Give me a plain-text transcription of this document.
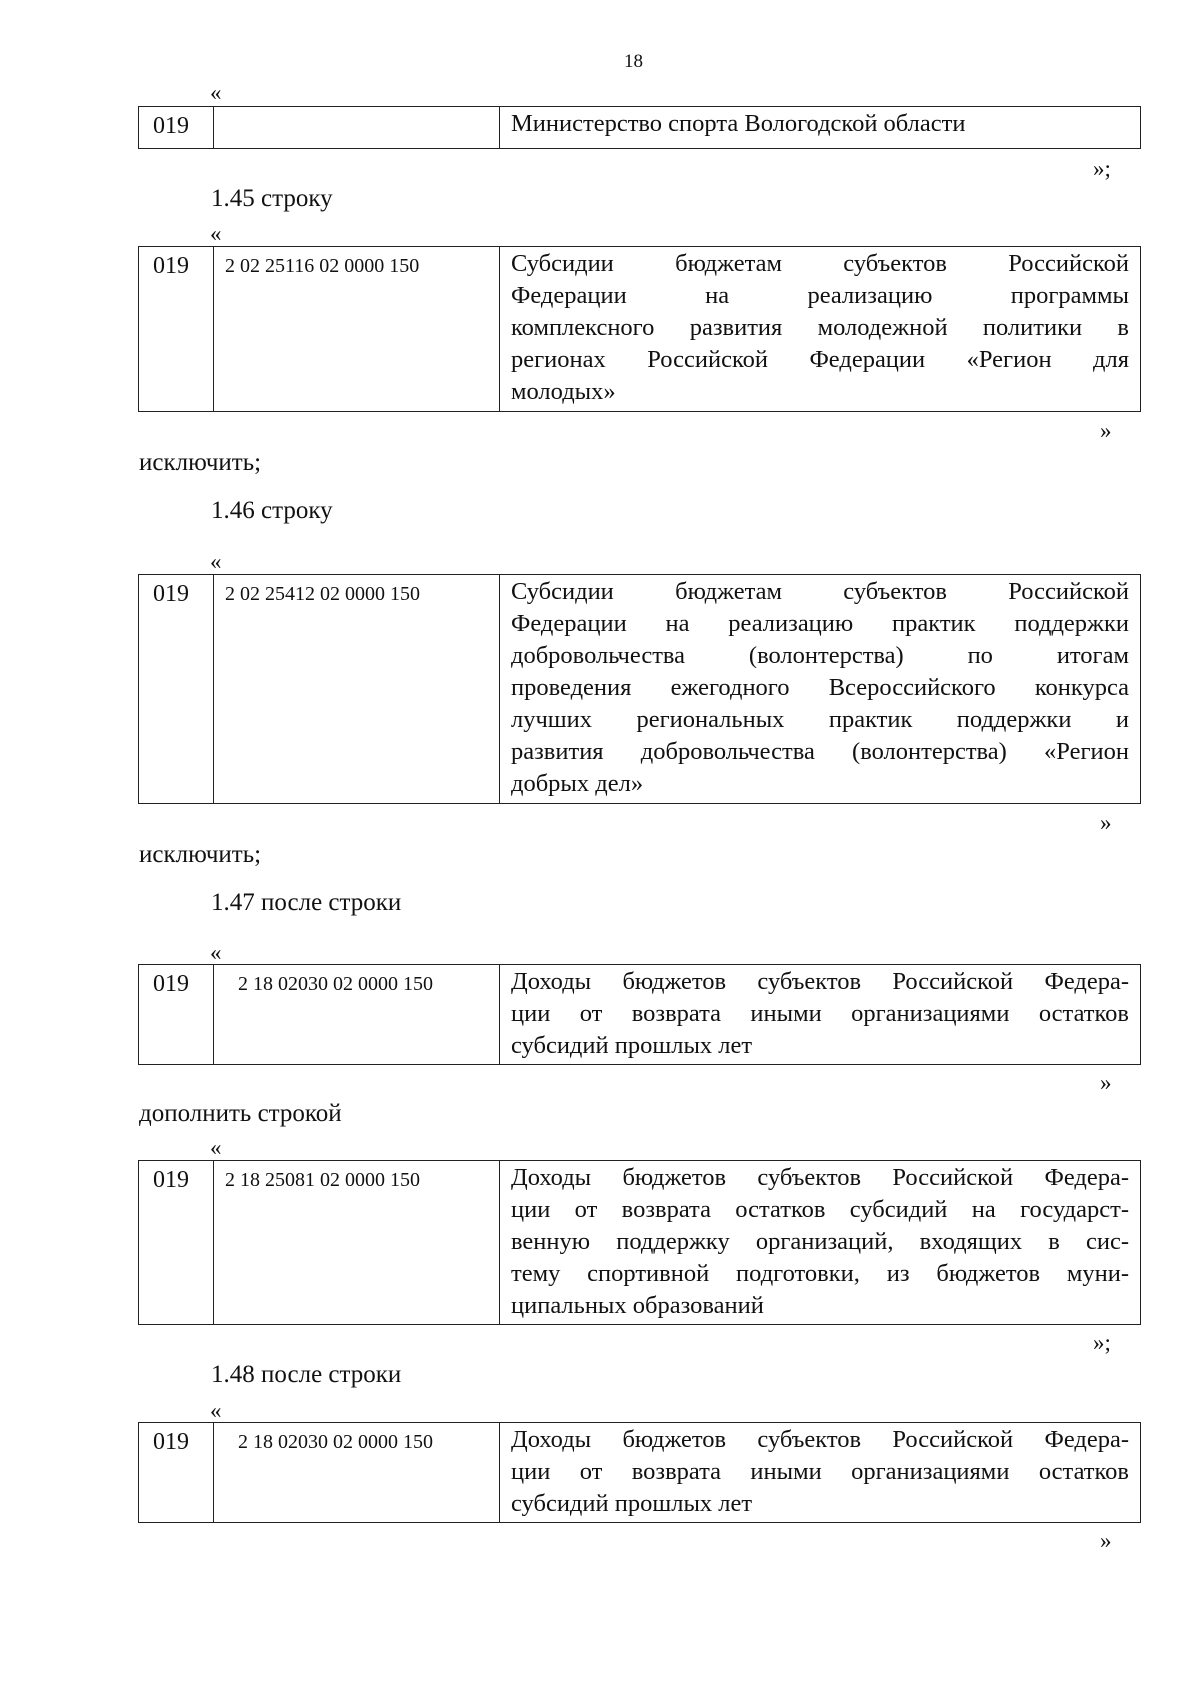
18
«
019		Министерство спорта Вологодской области
»;
1.45 строку
«
019	2 02 25116 02 0000 150	Субсидии бюджетам субъектов Российской
Федерации на реализацию программы
комплексного развития молодежной политики в
регионах Российской Федерации «Регион для
молодых»
»
исключить;
1.46 строку
«
019	2 02 25412 02 0000 150	Субсидии бюджетам субъектов Российской
Федерации на реализацию практик поддержки
добровольчества (волонтерства) по итогам
проведения ежегодного Всероссийского конкурса
лучших региональных практик поддержки и
развития добровольчества (волонтерства) «Регион
добрых дел»
»
исключить;
1.47 после строки
«
019	2 18 02030 02 0000 150	Доходы бюджетов субъектов Российской Федера-
ции от возврата иными организациями остатков
субсидий прошлых лет
»
дополнить строкой
«
019	2 18 25081 02 0000 150	Доходы бюджетов субъектов Российской Федера-
ции от возврата остатков субсидий на государст-
венную поддержку организаций, входящих в сис-
тему спортивной подготовки, из бюджетов муни-
ципальных образований
»;
1.48 после строки
«
019	2 18 02030 02 0000 150	Доходы бюджетов субъектов Российской Федера-
ции от возврата иными организациями остатков
субсидий прошлых лет
»
